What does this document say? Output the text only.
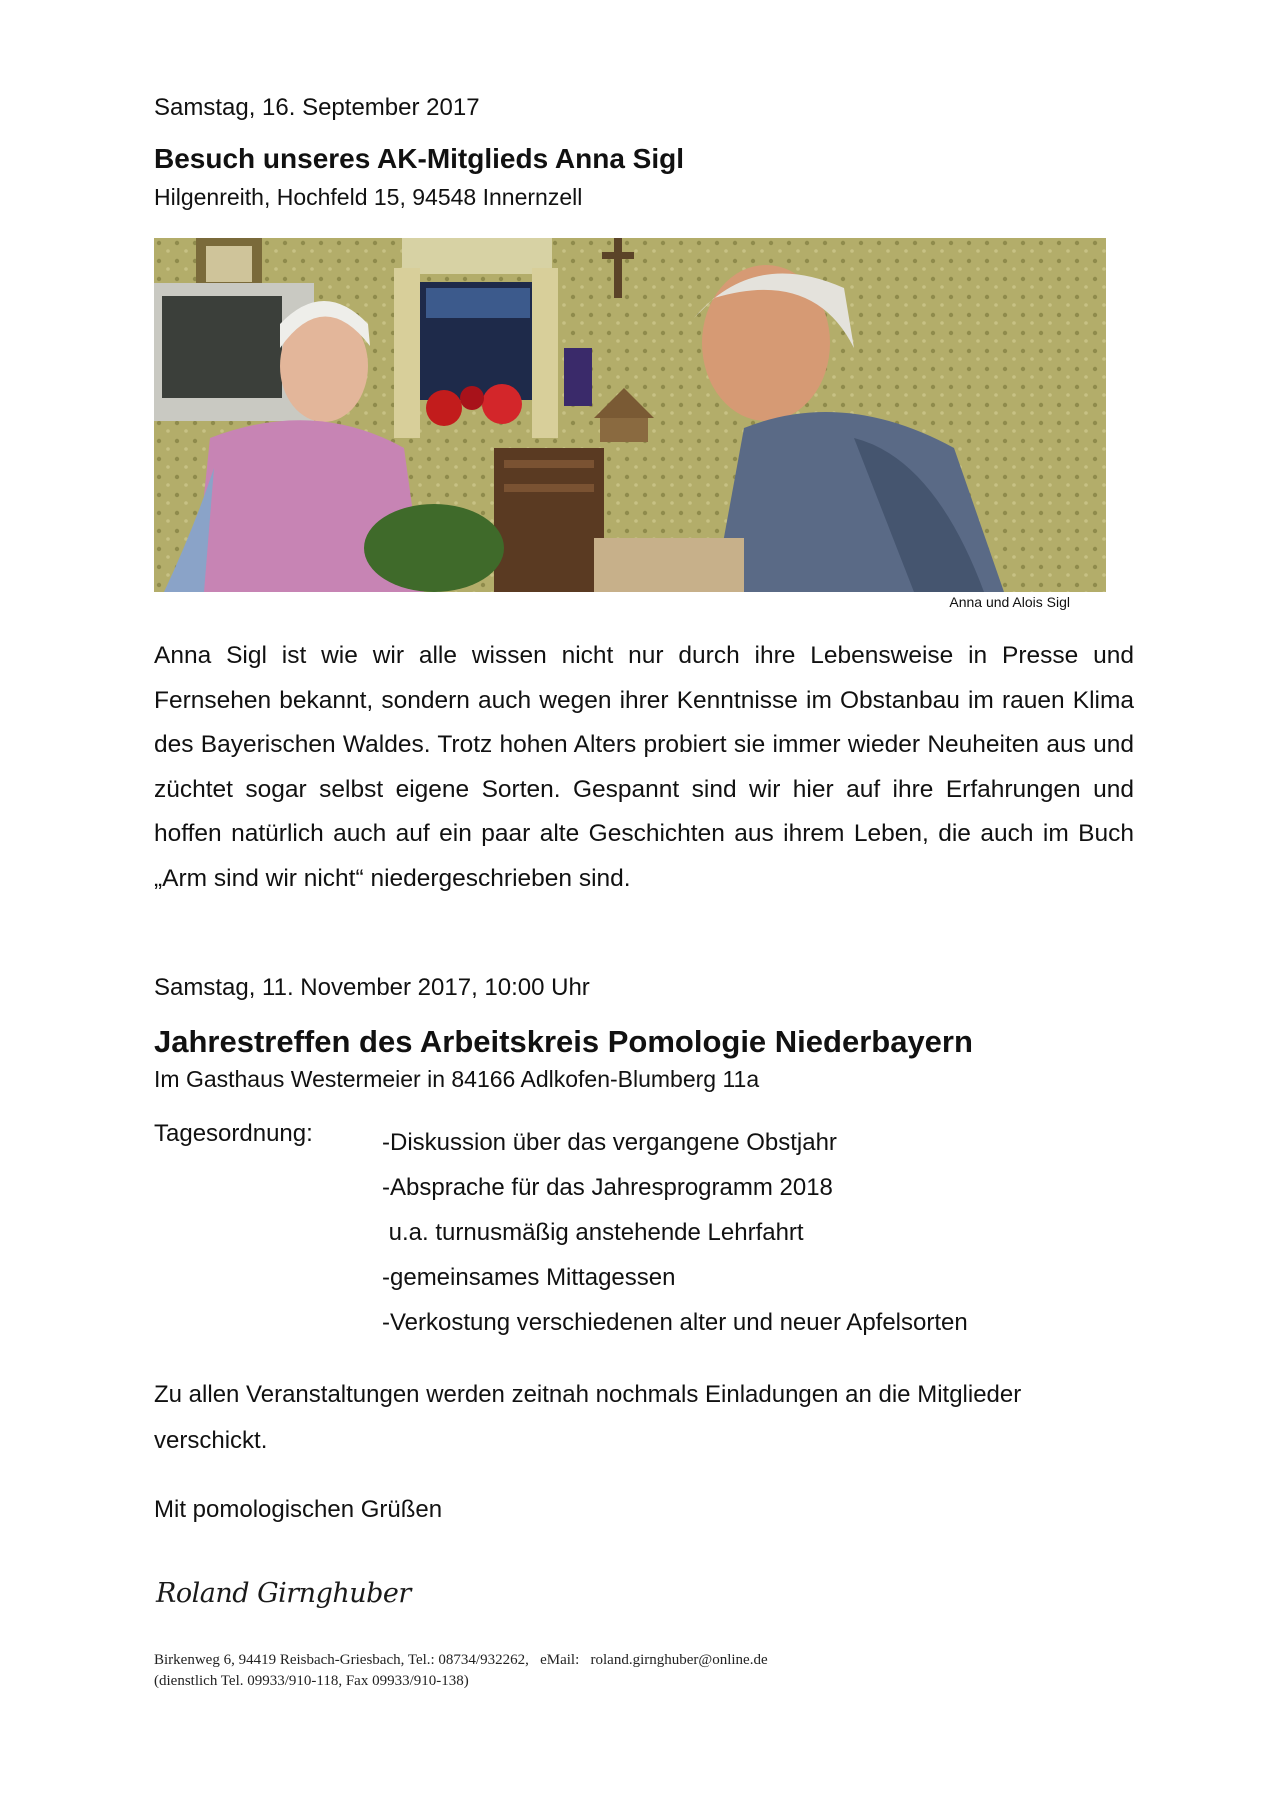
Samstag, 16. September 2017
Besuch unseres AK-Mitglieds Anna Sigl
Hilgenreith, Hochfeld 15, 94548 Innernzell
Anna und Alois Sigl
Anna Sigl ist wie wir alle wissen nicht nur durch ihre Lebensweise in Presse und Fernsehen bekannt, sondern auch wegen ihrer Kenntnisse im Obstanbau im rauen Klima des Bayerischen Waldes. Trotz hohen Alters probiert sie immer wieder Neuheiten aus und züchtet sogar selbst eigene Sorten. Gespannt sind wir hier auf ihre Erfahrungen und hoffen natürlich auch auf ein paar alte Geschichten aus ihrem Leben, die auch im Buch „Arm sind wir nicht“ niedergeschrieben sind.
Samstag, 11. November 2017, 10:00 Uhr
Jahrestreffen des Arbeitskreis Pomologie Niederbayern
Im Gasthaus Westermeier in 84166 Adlkofen-Blumberg 11a
Tagesordnung:	-Diskussion über das vergangene Obstjahr
-Absprache für das Jahresprogramm 2018
u.a. turnusmäßig anstehende Lehrfahrt
-gemeinsames Mittagessen
-Verkostung verschiedenen alter und neuer Apfelsorten
Zu allen Veranstaltungen werden zeitnah nochmals Einladungen an die Mitglieder verschickt.
Mit pomologischen Grüßen
Roland Girnghuber
Birkenweg 6, 94419 Reisbach-Griesbach, Tel.: 08734/932262,   eMail:   roland.girnghuber@online.de
(dienstlich Tel. 09933/910-118, Fax 09933/910-138)
